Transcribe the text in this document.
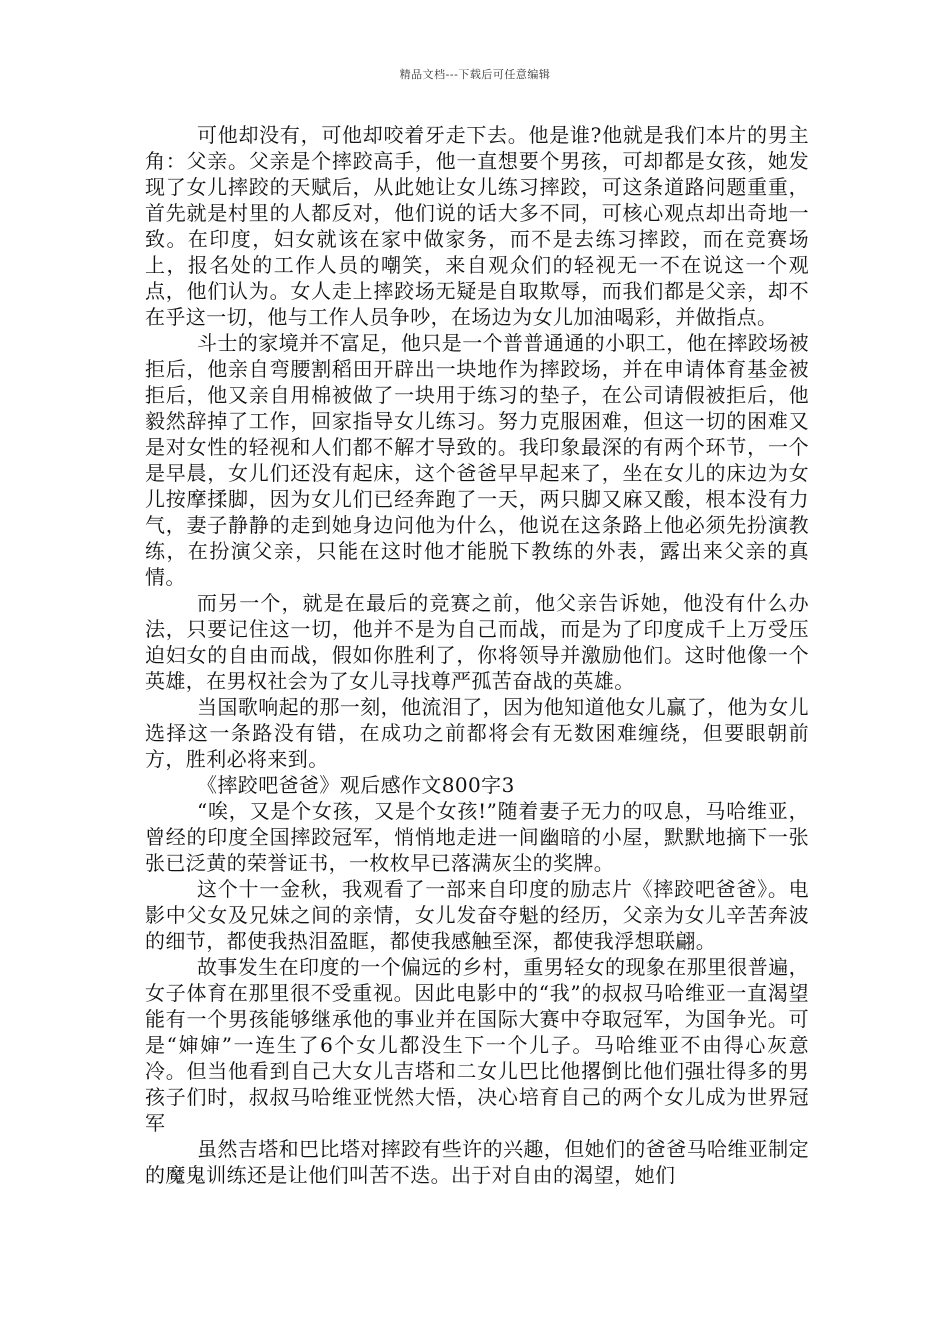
精品文档---下载后可任意编辑

可他却没有，可他却咬着牙走下去。他是谁?他就是我们本片的男主角：父亲。父亲是个摔跤高手，他一直想要个男孩，可却都是女孩，她发现了女儿摔跤的天赋后，从此她让女儿练习摔跤，可这条道路问题重重，首先就是村里的人都反对，他们说的话大多不同，可核心观点却出奇地一致。在印度，妇女就该在家中做家务，而不是去练习摔跤，而在竞赛场上，报名处的工作人员的嘲笑，来自观众们的轻视无一不在说这一个观点，他们认为。女人走上摔跤场无疑是自取欺辱，而我们都是父亲，却不在乎这一切，他与工作人员争吵，在场边为女儿加油喝彩，并做指点。

斗士的家境并不富足，他只是一个普普通通的小职工，他在摔跤场被拒后，他亲自弯腰割稻田开辟出一块地作为摔跤场，并在申请体育基金被拒后，他又亲自用棉被做了一块用于练习的垫子，在公司请假被拒后，他毅然辞掉了工作，回家指导女儿练习。努力克服困难，但这一切的困难又是对女性的轻视和人们都不解才导致的。我印象最深的有两个环节，一个是早晨，女儿们还没有起床，这个爸爸早早起来了，坐在女儿的床边为女儿按摩揉脚，因为女儿们已经奔跑了一天，两只脚又麻又酸，根本没有力气，妻子静静的走到她身边问他为什么，他说在这条路上他必须先扮演教练，在扮演父亲，只能在这时他才能脱下教练的外表，露出来父亲的真情。

而另一个，就是在最后的竞赛之前，他父亲告诉她，他没有什么办法，只要记住这一切，他并不是为自己而战，而是为了印度成千上万受压迫妇女的自由而战，假如你胜利了，你将领导并激励他们。这时他像一个英雄，在男权社会为了女儿寻找尊严孤苦奋战的英雄。

当国歌响起的那一刻，他流泪了，因为他知道他女儿赢了，他为女儿选择这一条路没有错，在成功之前都将会有无数困难缠绕，但要眼朝前方，胜利必将来到。

《摔跤吧爸爸》观后感作文800字3

“唉，又是个女孩，又是个女孩!”随着妻子无力的叹息，马哈维亚，曾经的印度全国摔跤冠军，悄悄地走进一间幽暗的小屋，默默地摘下一张张已泛黄的荣誉证书，一枚枚早已落满灰尘的奖牌。

这个十一金秋，我观看了一部来自印度的励志片《摔跤吧爸爸》。电影中父女及兄妹之间的亲情，女儿发奋夺魁的经历，父亲为女儿辛苦奔波的细节，都使我热泪盈眶，都使我感触至深，都使我浮想联翩。

故事发生在印度的一个偏远的乡村，重男轻女的现象在那里很普遍，女子体育在那里很不受重视。因此电影中的“我”的叔叔马哈维亚一直渴望能有一个男孩能够继承他的事业并在国际大赛中夺取冠军，为国争光。可是“婶婶”一连生了6个女儿都没生下一个儿子。马哈维亚不由得心灰意冷。但当他看到自己大女儿吉塔和二女儿巴比他撂倒比他们强壮得多的男孩子们时，叔叔马哈维亚恍然大悟，决心培育自己的两个女儿成为世界冠军

虽然吉塔和巴比塔对摔跤有些许的兴趣，但她们的爸爸马哈维亚制定的魔鬼训练还是让他们叫苦不迭。出于对自由的渴望，她们
